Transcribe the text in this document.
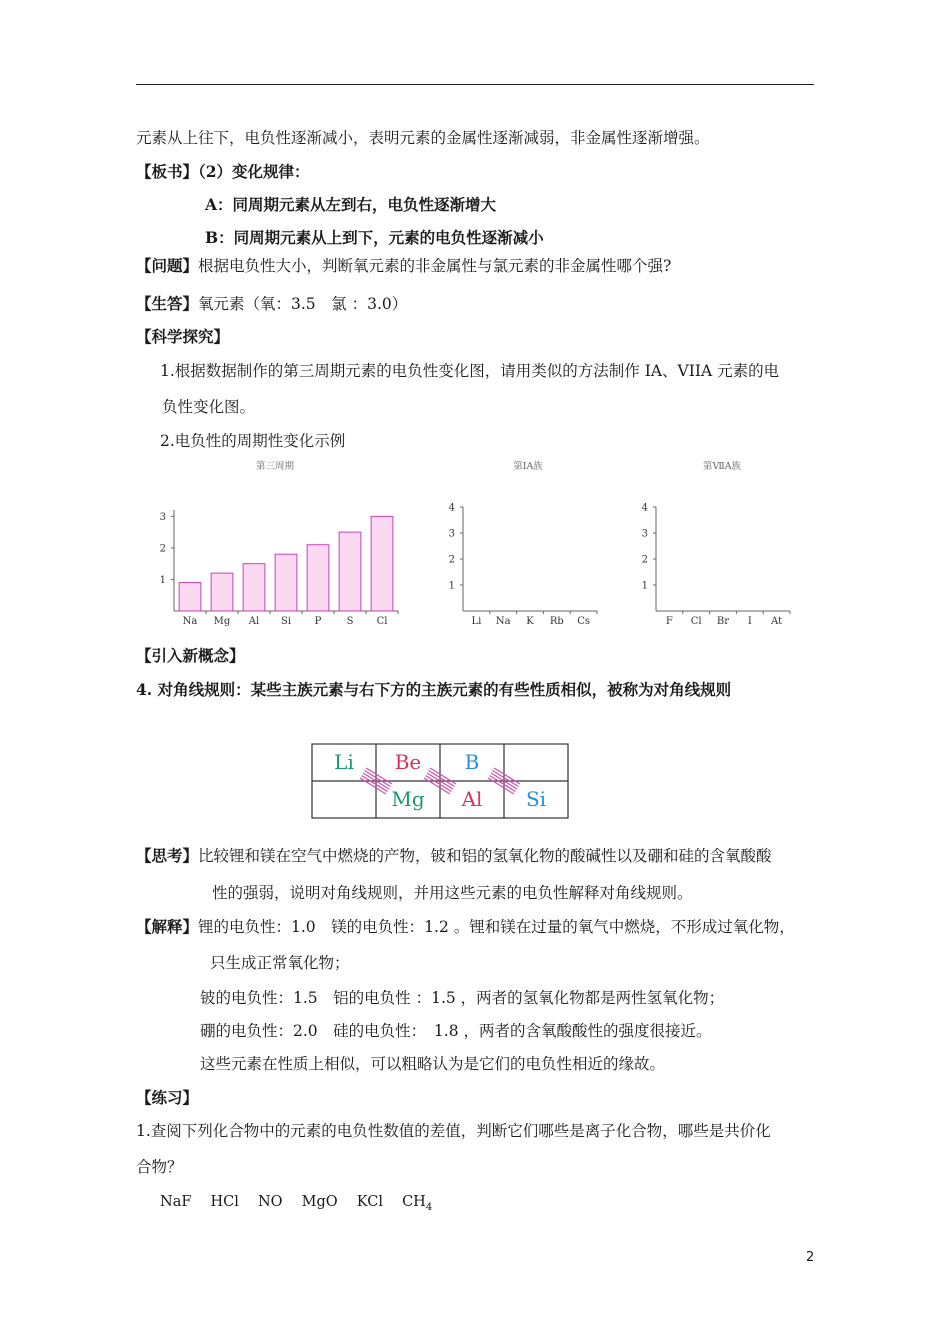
元素从上往下，电负性逐渐减小，表明元素的金属性逐渐减弱，非金属性逐渐增强。
【板书】（2）变化规律：
A：同周期元素从左到右，电负性逐渐增大
B：同周期元素从上到下，元素的电负性逐渐减小
【问题】根据电负性大小，判断氧元素的非金属性与氯元素的非金属性哪个强?
【生答】氧元素（氧：3.5　氯 ：3.0）
【科学探究】
1.根据数据制作的第三周期元素的电负性变化图，请用类似的方法制作 IA、VIIA 元素的电
负性变化图。
2.电负性的周期性变化示例
第三周期
1
2
3
Na Mg Al Si P	S Cl
第ⅠA族
1
2
3
4
Li Na K Rb Cs
第ⅦA族
1
2
3
4
F Cl Br I At
【引入新概念】
4. 对角线规则：某些主族元素与右下方的主族元素的有些性质相似，被称为对角线规则
Li Be B
Mg Al Si
【思考】比较锂和镁在空气中燃烧的产物，铍和铝的氢氧化物的酸碱性以及硼和硅的含氧酸酸
性的强弱，说明对角线规则，并用这些元素的电负性解释对角线规则。
【解释】锂的电负性：1.0　镁的电负性：1.2 。锂和镁在过量的氧气中燃烧，不形成过氧化物，
只生成正常氧化物；
铍的电负性：1.5　铝的电负性 ：1.5 ，两者的氢氧化物都是两性氢氧化物；
硼的电负性：2.0　硅的电负性：　1.8 ，两者的含氧酸酸性的强度很接近。
这些元素在性质上相似，可以粗略认为是它们的电负性相近的缘故。
【练习】
1.查阅下列化合物中的元素的电负性数值的差值，判断它们哪些是离子化合物，哪些是共价化
合物？
NaF　 HCl　 NO　 MgO　 KCl　 $CH_4$
2
